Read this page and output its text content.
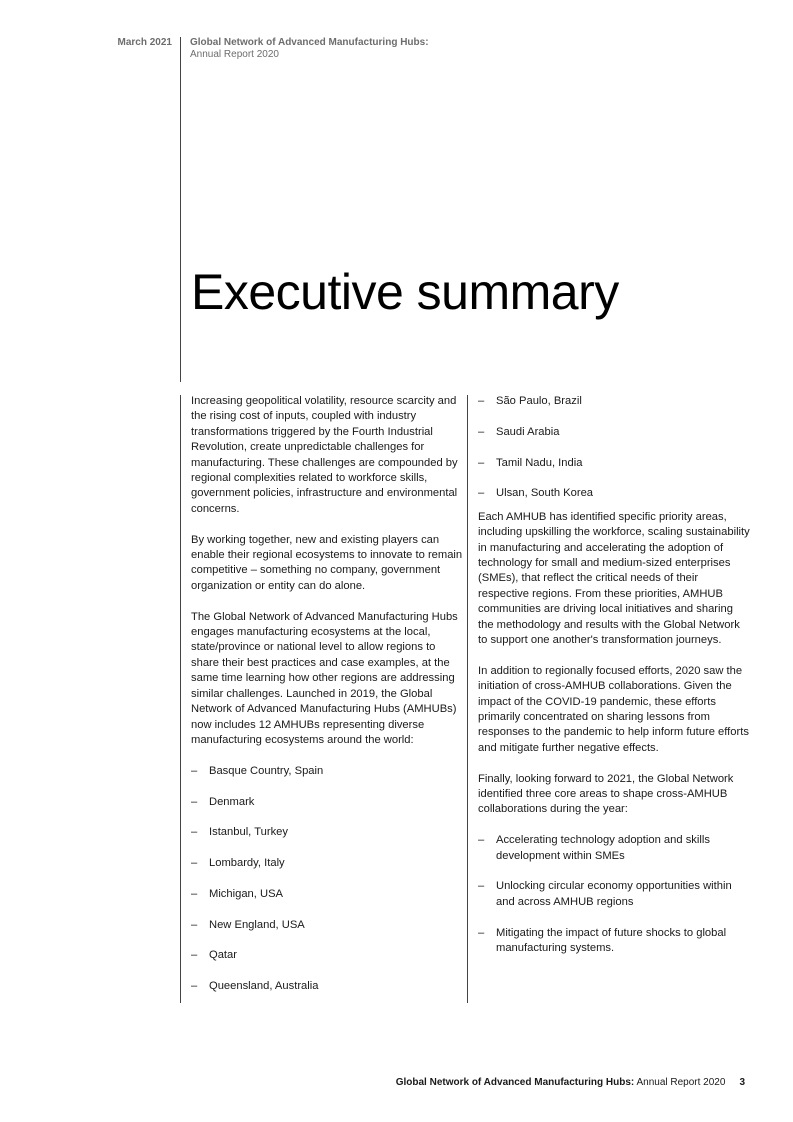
March 2021 Global Network of Advanced Manufacturing Hubs:
Annual Report 2020
Executive summary

Increasing geopolitical volatility, resource scarcity and the rising cost of inputs, coupled with industry transformations triggered by the Fourth Industrial Revolution, create unpredictable challenges for manufacturing. These challenges are compounded by regional complexities related to workforce skills, government policies, infrastructure and environmental concerns.

By working together, new and existing players can enable their regional ecosystems to innovate to remain competitive – something no company, government organization or entity can do alone.

The Global Network of Advanced Manufacturing Hubs engages manufacturing ecosystems at the local, state/province or national level to allow regions to share their best practices and case examples, at the same time learning how other regions are addressing similar challenges. Launched in 2019, the Global Network of Advanced Manufacturing Hubs (AMHUBs) now includes 12 AMHUBs representing diverse manufacturing ecosystems around the world:

– Basque Country, Spain
– Denmark
– Istanbul, Turkey
– Lombardy, Italy
– Michigan, USA
– New England, USA
– Qatar
– Queensland, Australia
– São Paulo, Brazil
– Saudi Arabia
– Tamil Nadu, India
– Ulsan, South Korea

Each AMHUB has identified specific priority areas, including upskilling the workforce, scaling sustainability in manufacturing and accelerating the adoption of technology for small and medium-sized enterprises (SMEs), that reflect the critical needs of their respective regions. From these priorities, AMHUB communities are driving local initiatives and sharing the methodology and results with the Global Network to support one another's transformation journeys.

In addition to regionally focused efforts, 2020 saw the initiation of cross-AMHUB collaborations. Given the impact of the COVID-19 pandemic, these efforts primarily concentrated on sharing lessons from responses to the pandemic to help inform future efforts and mitigate further negative effects.

Finally, looking forward to 2021, the Global Network identified three core areas to shape cross-AMHUB collaborations during the year:

– Accelerating technology adoption and skills development within SMEs
– Unlocking circular economy opportunities within and across AMHUB regions
– Mitigating the impact of future shocks to global manufacturing systems.
Global Network of Advanced Manufacturing Hubs: Annual Report 2020 3
